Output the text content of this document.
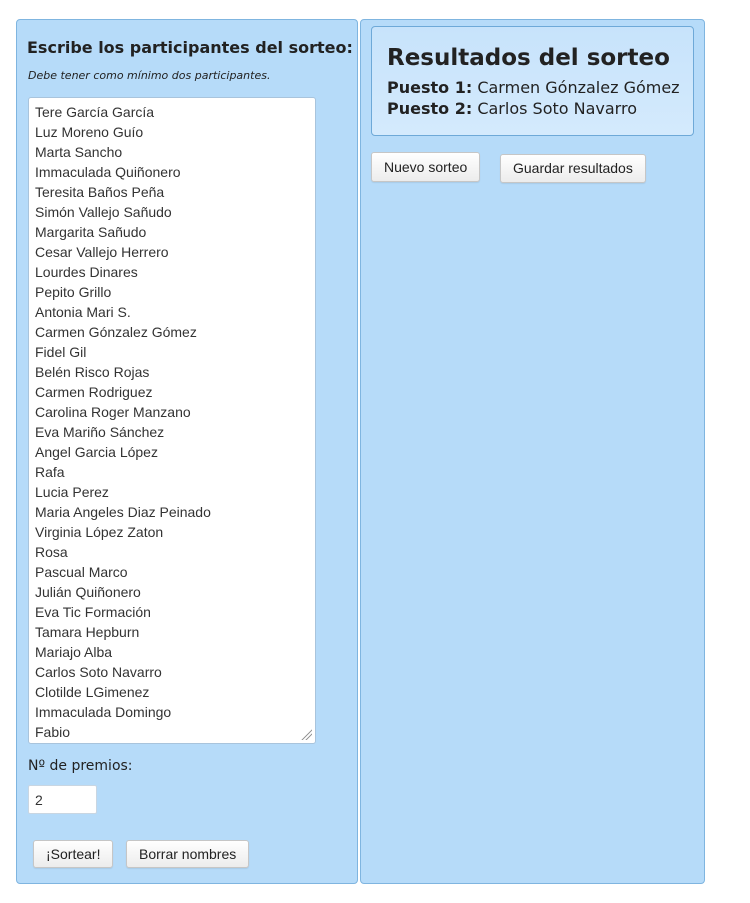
Escribe los participantes del sorteo:

Debe tener como mínimo dos participantes.

Tere García García
Luz Moreno Guío
Marta Sancho
Immaculada Quiñonero
Teresita Baños Peña
Simón Vallejo Sañudo
Margarita Sañudo
Cesar Vallejo Herrero
Lourdes Dinares
Pepito Grillo
Antonia Mari S.
Carmen Gónzalez Gómez
Fidel Gil
Belén Risco Rojas
Carmen Rodriguez
Carolina Roger Manzano
Eva Mariño Sánchez
Angel Garcia López
Rafa
Lucia Perez
Maria Angeles Diaz Peinado
Virginia López Zaton
Rosa
Pascual Marco
Julián Quiñonero
Eva Tic Formación
Tamara Hepburn
Mariajo Alba
Carlos Soto Navarro
Clotilde LGimenez
Immaculada Domingo
Fabio
Nº de premios:
2
¡Sortear!	Borrar nombres
Resultados del sorteo
Puesto 1: Carmen Gónzalez Gómez
Puesto 2: Carlos Soto Navarro
Nuevo sorteo	Guardar resultados
